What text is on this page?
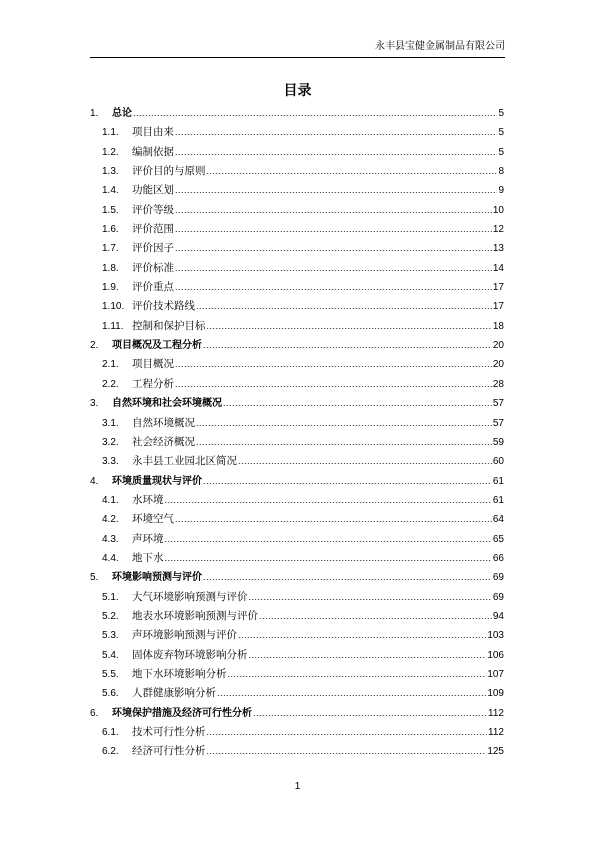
永丰县宝健金属制品有限公司
目录
1.	总论 .....	5
1.1.	项目由来 .....	5
1.2.	编制依据 .....	5
1.3.	评价目的与原则 .....	8
1.4.	功能区划 .....	9
1.5.	评价等级 .....	10
1.6.	评价范围 .....	12
1.7.	评价因子 .....	13
1.8.	评价标准 .....	14
1.9.	评价重点 .....	17
1.10. 评价技术路线 .....	17
1.11. 控制和保护目标 .....	18
2.	项目概况及工程分析 .....	20
2.1.	项目概况 .....	20
2.2.	工程分析 .....	28
3.	自然环境和社会环境概况 .....	57
3.1.	自然环境概况 .....	57
3.2.	社会经济概况 .....	59
3.3.	永丰县工业园北区简况 .....	60
4.	环境质量现状与评价 .....	61
4.1.	水环境 .....	61
4.2.	环境空气 .....	64
4.3.	声环境 .....	65
4.4.	地下水 .....	66
5.	环境影响预测与评价 .....	69
5.1.	大气环境影响预测与评价 .....	69
5.2.	地表水环境影响预测与评价 .....	94
5.3.	声环境影响预测与评价 .....	103
5.4.	固体废弃物环境影响分析 .....	106
5.5.	地下水环境影响分析 .....	107
5.6.	人群健康影响分析 .....	109
6.	环境保护措施及经济可行性分析 .....	112
6.1.	技术可行性分析 .....	112
6.2.	经济可行性分析 .....	125
1
